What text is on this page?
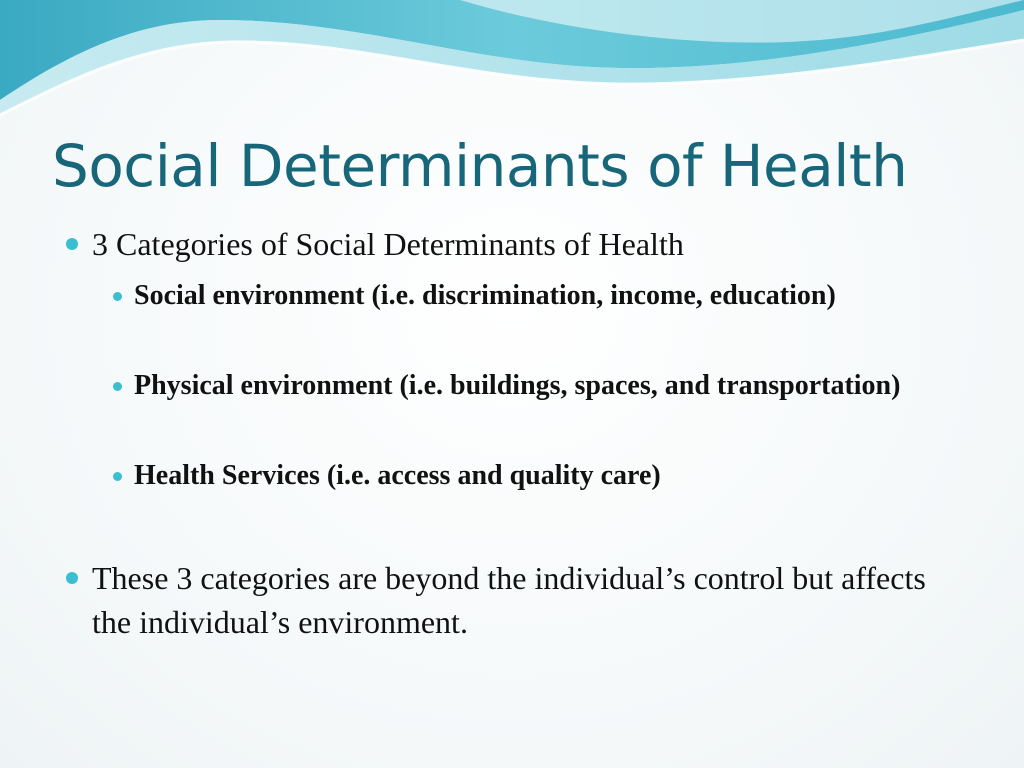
Social Determinants of Health
3 Categories of Social Determinants of Health
Social environment (i.e. discrimination, income, education)
Physical environment (i.e. buildings, spaces, and transportation)
Health Services (i.e. access and quality care)
These 3 categories are beyond the individual’s control but affects the individual’s environment.
